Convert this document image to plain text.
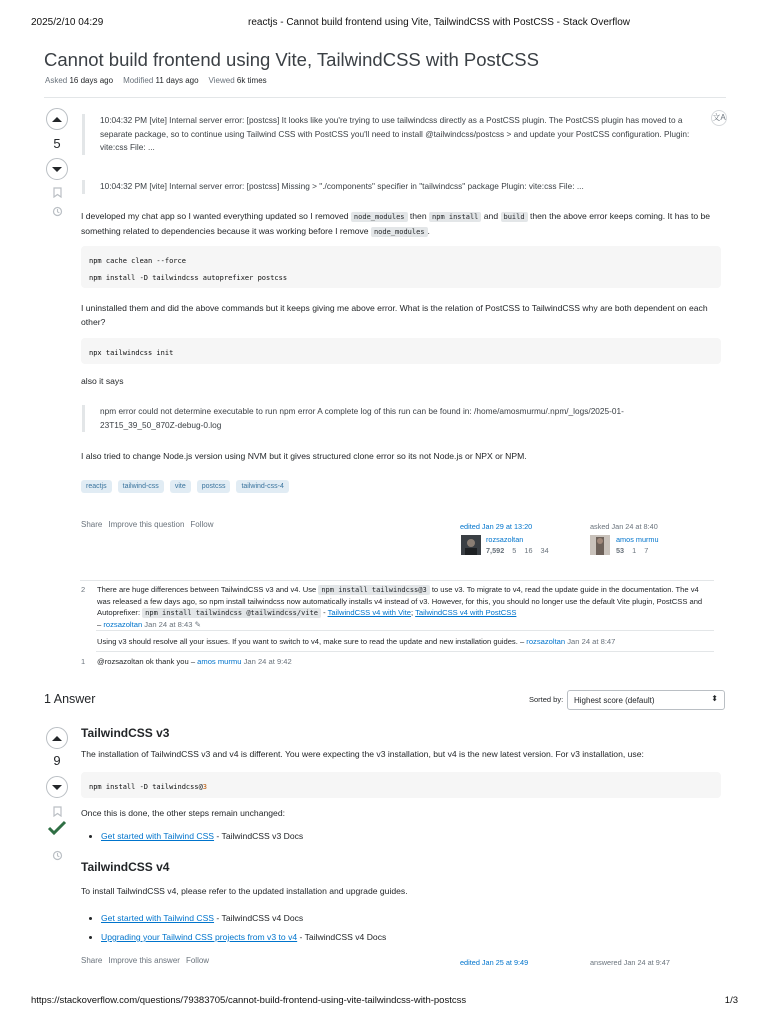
2025/2/10 04:29	reactjs - Cannot build frontend using Vite, TailwindCSS with PostCSS - Stack Overflow
Cannot build frontend using Vite, TailwindCSS with PostCSS
Asked 16 days ago Modified 11 days ago Viewed 6k times
5
文A
10:04:32 PM [vite] Internal server error: [postcss] It looks like you're trying to use tailwindcss directly as a PostCSS plugin. The PostCSS plugin has moved to a separate package, so to continue using Tailwind CSS with PostCSS you'll need to install @tailwindcss/postcss > and update your PostCSS configuration. Plugin: vite:css File: ...
10:04:32 PM [vite] Internal server error: [postcss] Missing > "./components" specifier in "tailwindcss" package Plugin: vite:css File: ...
I developed my chat app so I wanted everything updated so I removed node_modules then npm install and build then the above error keeps coming. It has to be something related to dependencies because it was working before I remove node_modules .
npm cache clean --force
npm install -D tailwindcss autoprefixer postcss
I uninstalled them and did the above commands but it keeps giving me above error. What is the relation of PostCSS to TailwindCSS why are both dependent on each other?
npx tailwindcss init
also it says
npm error could not determine executable to run npm error A complete log of this run can be found in: /home/amosmurmu/.npm/_logs/2025-01-23T15_39_50_870Z-debug-0.log
I also tried to change Node.js version using NVM but it gives structured clone error so its not Node.js or NPX or NPM.
reactjs	tailwind-css	vite	postcss	tailwind-css-4
Share Improve this question Follow	edited Jan 29 at 13:20
rozsazoltan
7,592 5 16 34
asked Jan 24 at 8:40
amos murmu
53 1 7
2 There are huge differences between TailwindCSS v3 and v4. Use npm install tailwindcss@3 to use v3. To migrate to v4, read the update guide in the documentation. The v4 was released a few days ago, so npm install tailwindcss now automatically installs v4 instead of v3. However, for this, you should no longer use the default Vite plugin, PostCSS and Autoprefixer: npm install tailwindcss @tailwindcss/vite - TailwindCSS v4 with Vite; TailwindCSS v4 with PostCSS
– rozsazoltan Jan 24 at 8:43 ✎
Using v3 should resolve all your issues. If you want to switch to v4, make sure to read the update and new installation guides. – rozsazoltan Jan 24 at 8:47
1 @rozsazoltan ok thank you – amos murmu Jan 24 at 9:42
1 Answer	Sorted by:	Highest score (default)	⬍
9
TailwindCSS v3
The installation of TailwindCSS v3 and v4 is different. You were expecting the v3 installation, but v4 is the new latest version. For v3 installation, use:
npm install -D tailwindcss@3
Once this is done, the other steps remain unchanged:
• Get started with Tailwind CSS - TailwindCSS v3 Docs
TailwindCSS v4
To install TailwindCSS v4, please refer to the updated installation and upgrade guides.
• Get started with Tailwind CSS - TailwindCSS v4 Docs
• Upgrading your Tailwind CSS projects from v3 to v4 - TailwindCSS v4 Docs
Share Improve this answer Follow	edited Jan 25 at 9:49	answered Jan 24 at 9:47
https://stackoverflow.com/questions/79383705/cannot-build-frontend-using-vite-tailwindcss-with-postcss	1/3
